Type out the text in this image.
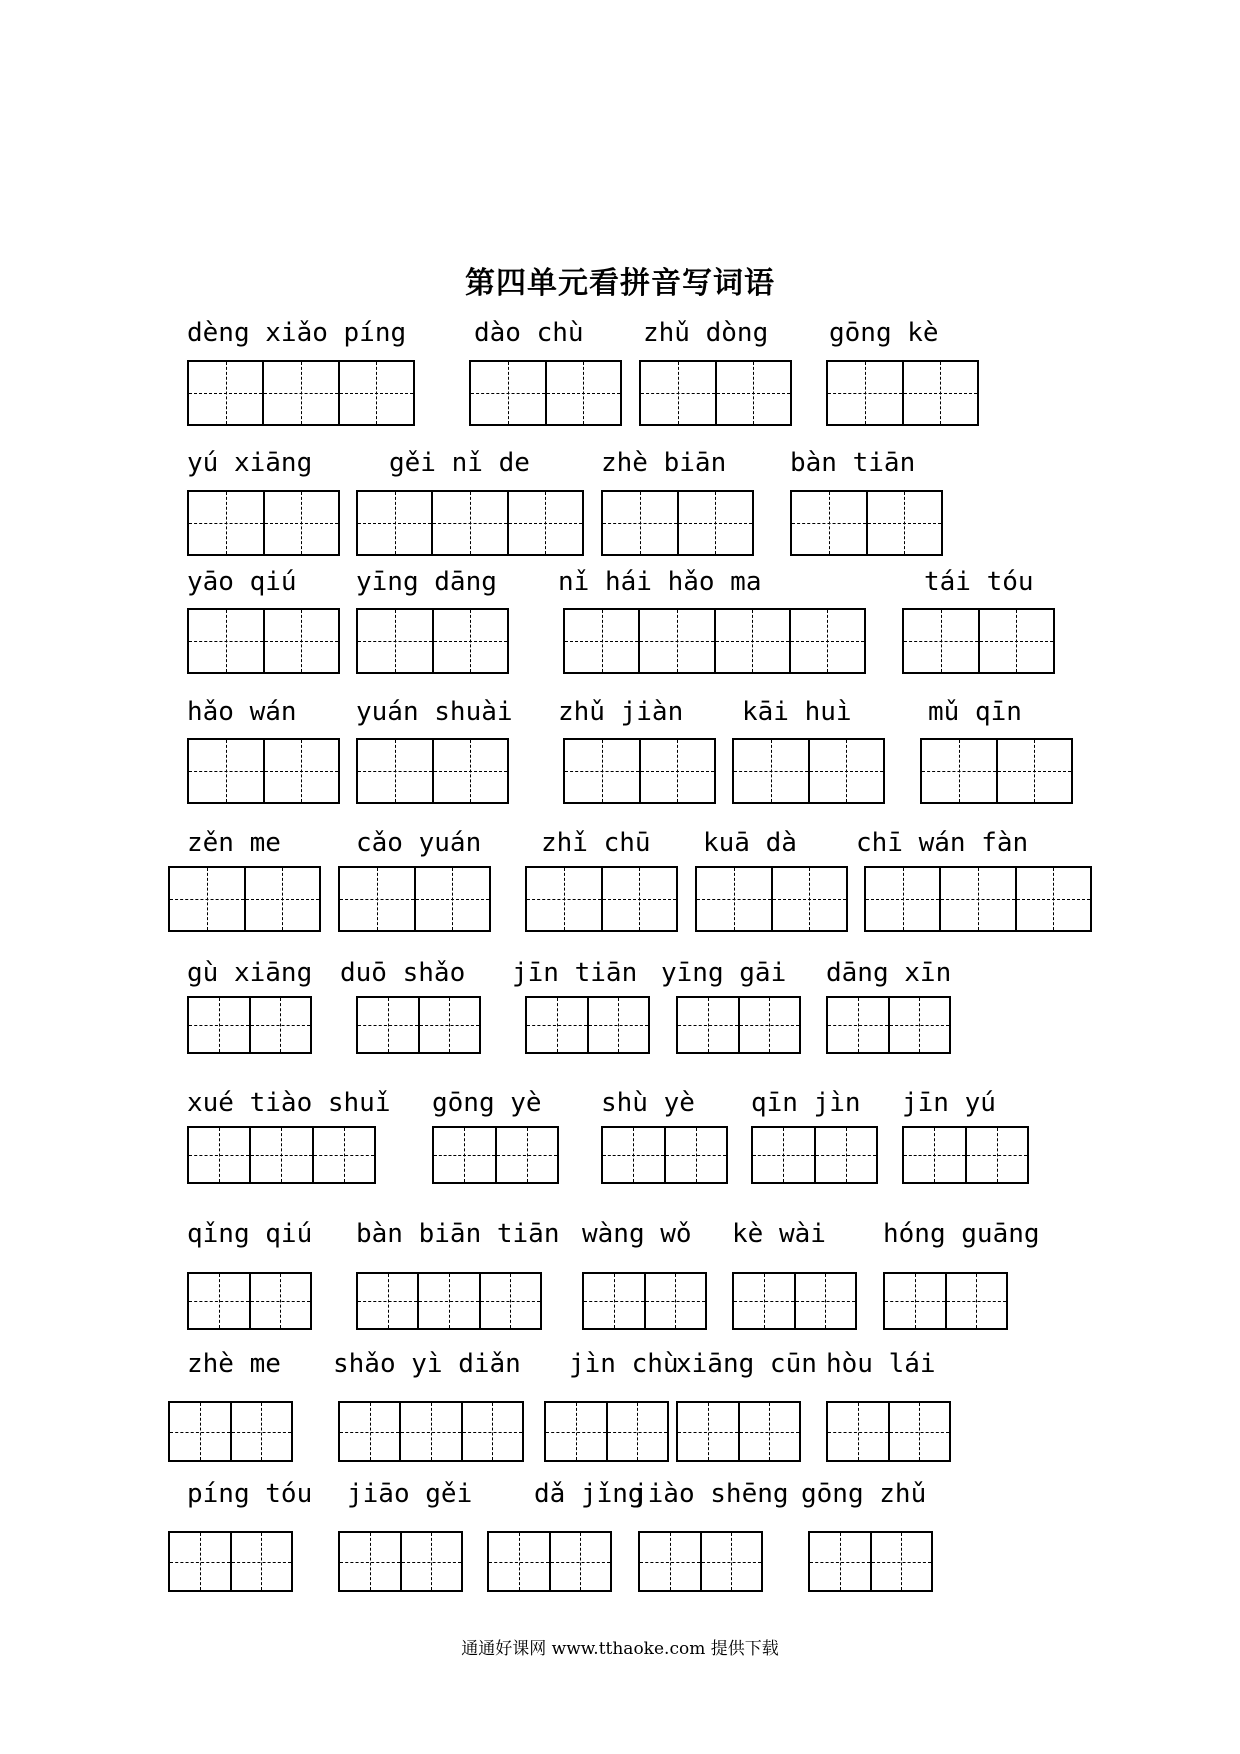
第四单元看拼音写词语
dèng xiǎo píng	dào chù zhǔ dòng gōng kè
yú xiāng	gěi nǐ de	zhè biān bàn tiān
yāo qiú yīng dāng nǐ hái hǎo ma	tái tóu
hǎo wán yuán shuài zhǔ jiàn kāi huì	mǔ qīn
zěn me	cǎo yuán zhǐ chū kuā dà chī wán fàn
gù xiāng duō shǎo jīn tiān yīng gāi dāng xīn
xué tiào shuǐ gōng yè shù yè qīn jìn jīn yú
qǐng qiú bàn biān tiān wàng wǒ kè wài hóng guāng
zhè me shǎo yì diǎn jìn chù
xiāng cūn hòu lái
píng tóu jiāo gěi dǎ jǐng
jiào shēng gōng zhǔ
通通好课网 www.tthaoke.com 提供下载
